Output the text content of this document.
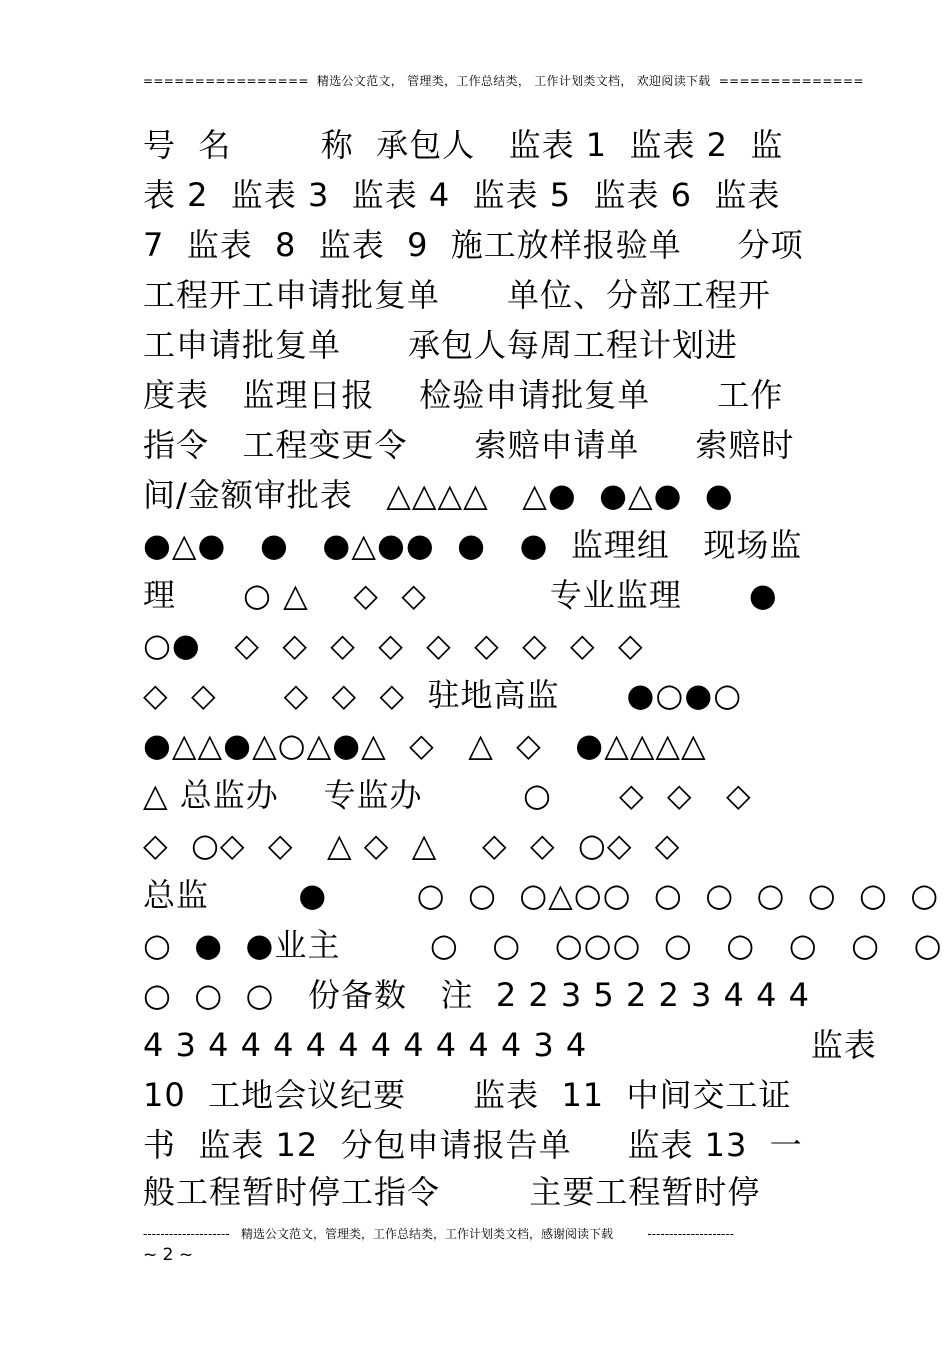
================  精选公文范文， 管理类，工作总结类， 工作计划类文档， 欢迎阅读下载  ==============
号  名        称  承包人   监表 1  监表 2  监
表 2  监表 3  监表 4  监表 5  监表 6  监表
7  监表  8  监表  9  施工放样报验单     分项
工程开工申请批复单      单位、分部工程开
工申请批复单      承包人每周工程计划进
度表   监理日报    检验申请批复单      工作
指令   工程变更令      索赔申请单     索赔时
间/金额审批表   △△△△   △●  ●△●  ●
●△●   ●   ●△●●  ●   ●  监理组   现场监
理      ○ △    ◇  ◇           专业监理      ●
○●   ◇  ◇  ◇  ◇  ◇  ◇  ◇  ◇  ◇
◇  ◇      ◇  ◇  ◇  驻地高监      ●○●○
●△△●△○△●△  ◇   △  ◇   ●△△△△
△ 总监办    专监办         ○      ◇  ◇   ◇
◇  ○◇  ◇   △ ◇  △    ◇  ◇  ○◇  ◇
总监        ●        ○  ○  ○△○○  ○  ○  ○  ○  ○  ○
○  ●  ●业主        ○   ○   ○○○  ○   ○   ○   ○   ○
○  ○  ○   份备数   注  2 2 3 5 2 2 3 4 4 4
4 3 4 4 4 4 4 4 4 4 4 4 3 4                    监表
10  工地会议纪要      监表  11  中间交工证
书  监表 12  分包申请报告单     监表 13  一
般工程暂时停工指令        主要工程暂时停
--------------------   精选公文范文，管理类，工作总结类，工作计划类文档，感谢阅读下载         --------------------
~ 2 ~
